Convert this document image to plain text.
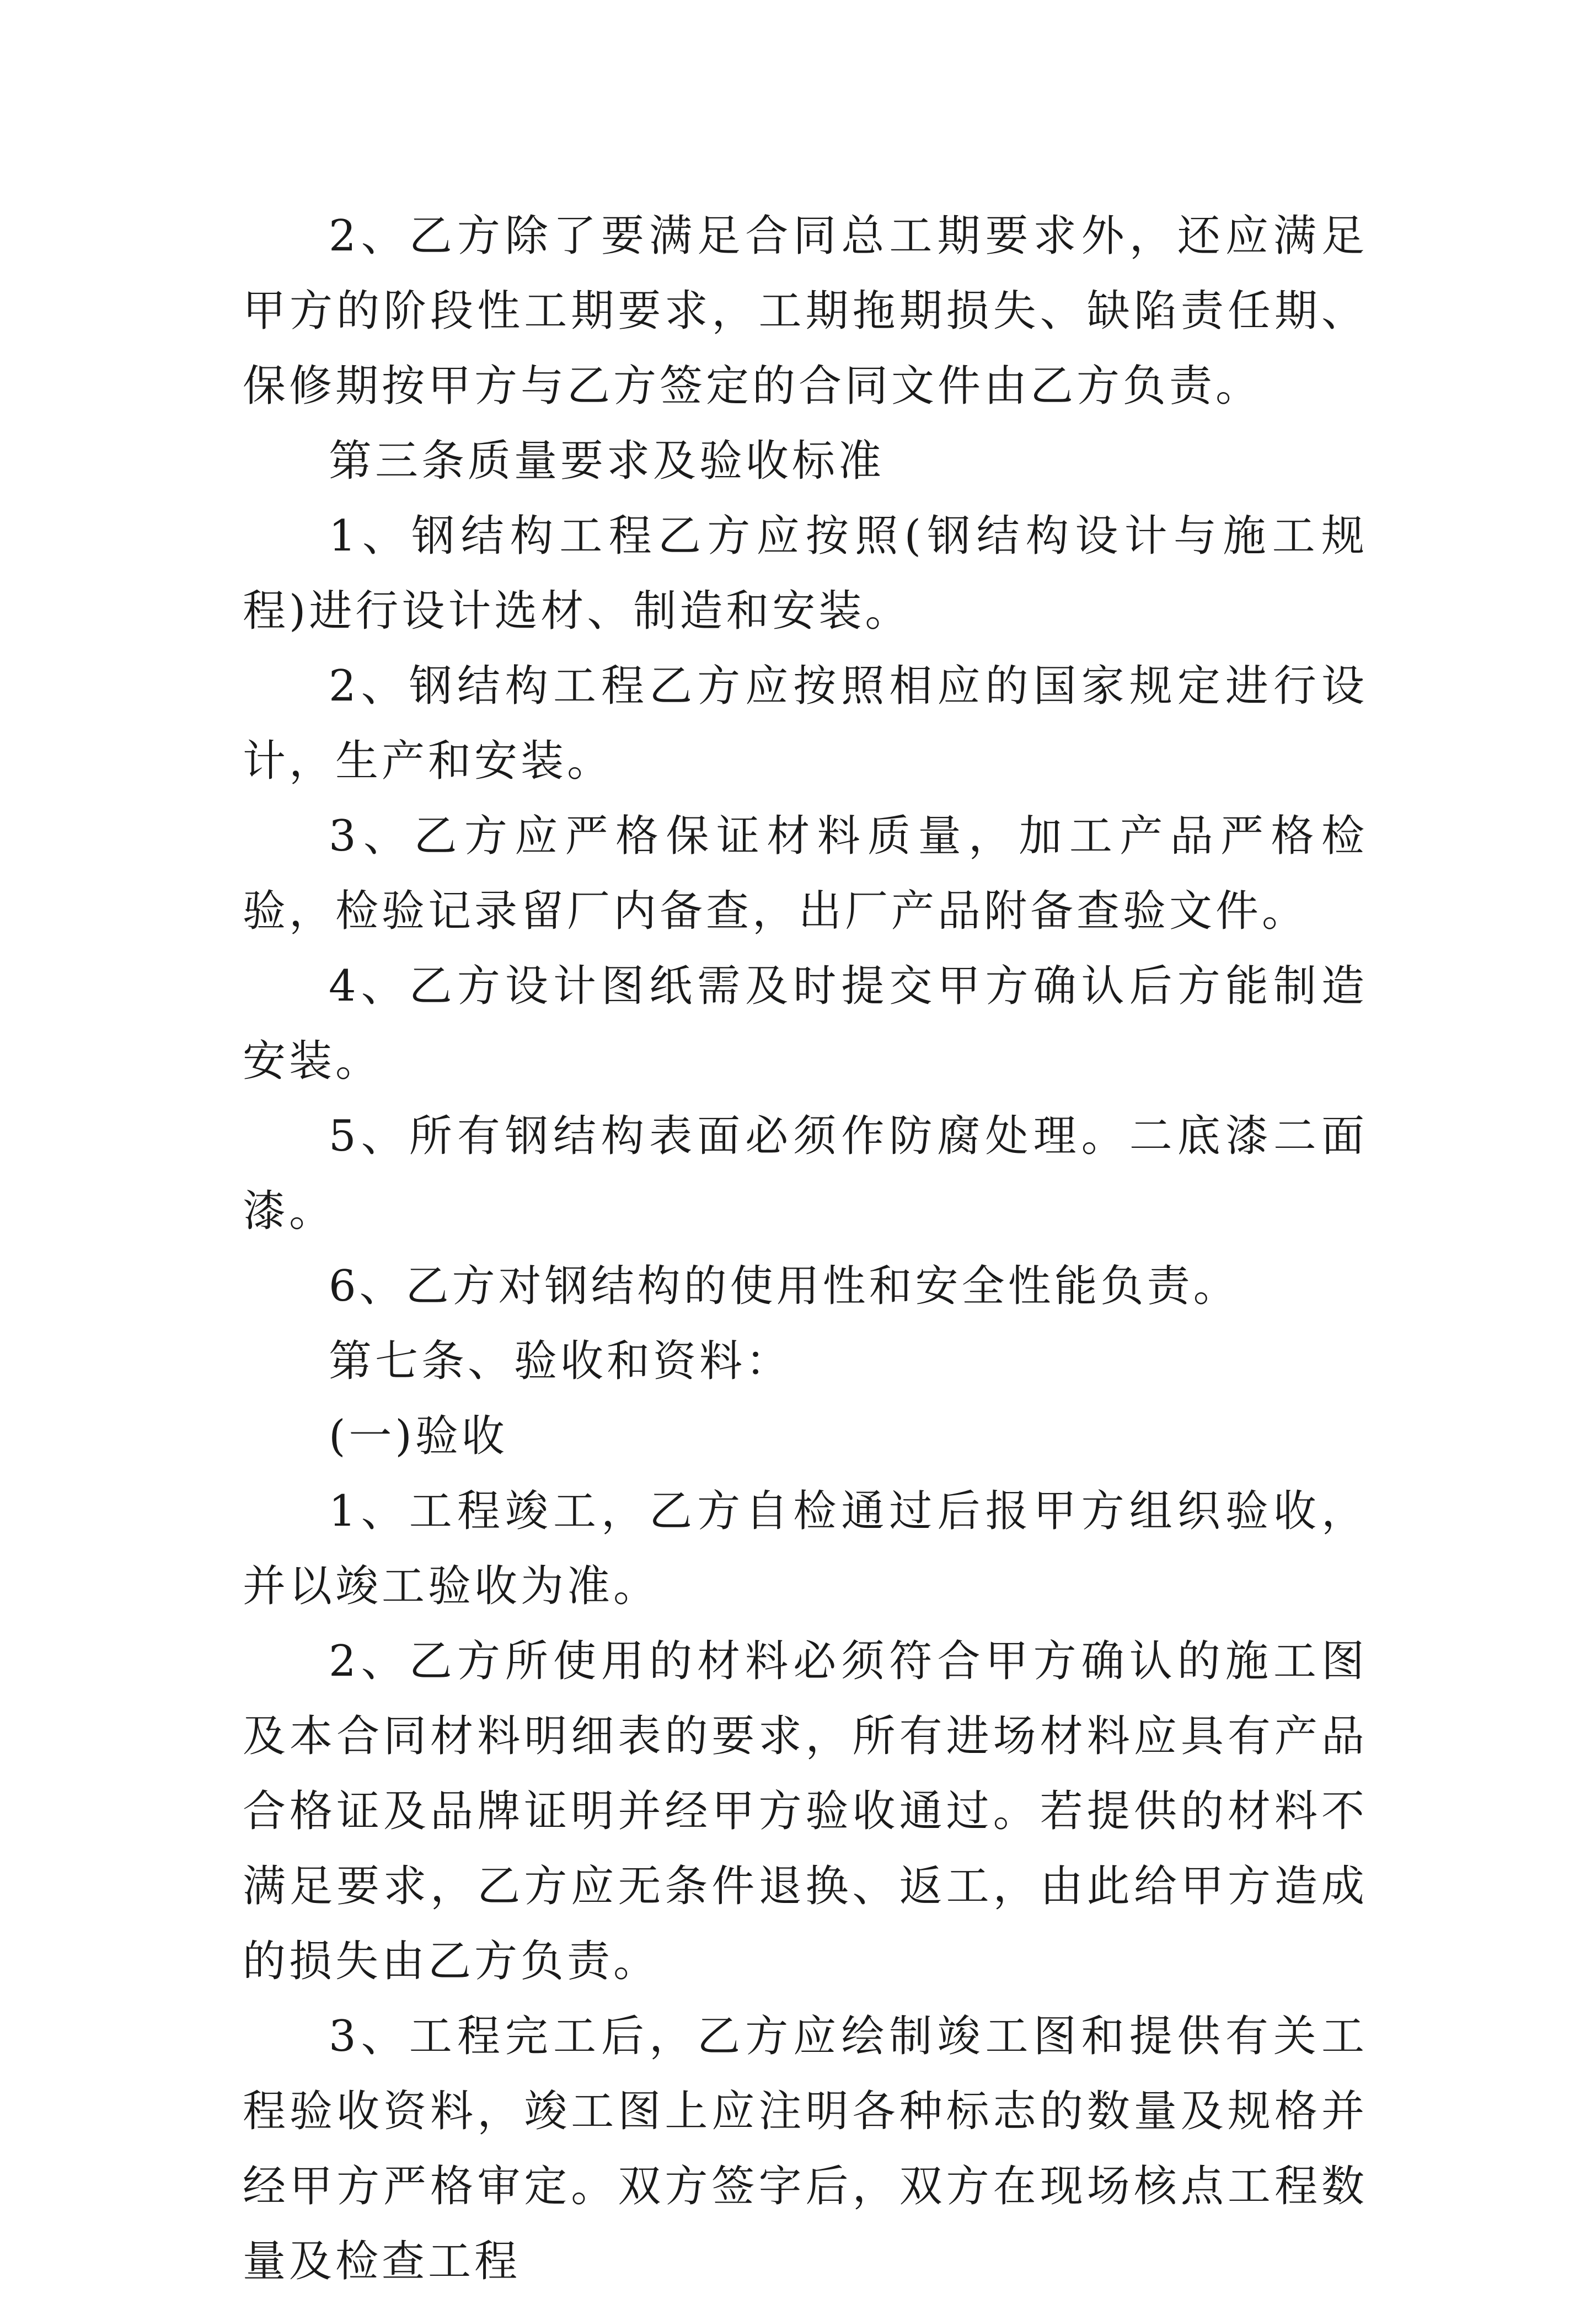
2、乙方除了要满足合同总工期要求外，还应满足甲方的阶段性工期要求，工期拖期损失、缺陷责任期、保修期按甲方与乙方签定的合同文件由乙方负责。

第三条质量要求及验收标准

1、钢结构工程乙方应按照(钢结构设计与施工规程)进行设计选材、制造和安装。

2、钢结构工程乙方应按照相应的国家规定进行设计，生产和安装。

3、乙方应严格保证材料质量，加工产品严格检验，检验记录留厂内备查，出厂产品附备查验文件。

4、乙方设计图纸需及时提交甲方确认后方能制造安装。

5、所有钢结构表面必须作防腐处理。二底漆二面漆。

6、乙方对钢结构的使用性和安全性能负责。

第七条、验收和资料：

(一)验收

1、工程竣工，乙方自检通过后报甲方组织验收，并以竣工验收为准。

2、乙方所使用的材料必须符合甲方确认的施工图及本合同材料明细表的要求，所有进场材料应具有产品合格证及品牌证明并经甲方验收通过。若提供的材料不满足要求，乙方应无条件退换、返工，由此给甲方造成的损失由乙方负责。

3、工程完工后，乙方应绘制竣工图和提供有关工程验收资料，竣工图上应注明各种标志的数量及规格并经甲方严格审定。双方签字后，双方在现场核点工程数量及检查工程
